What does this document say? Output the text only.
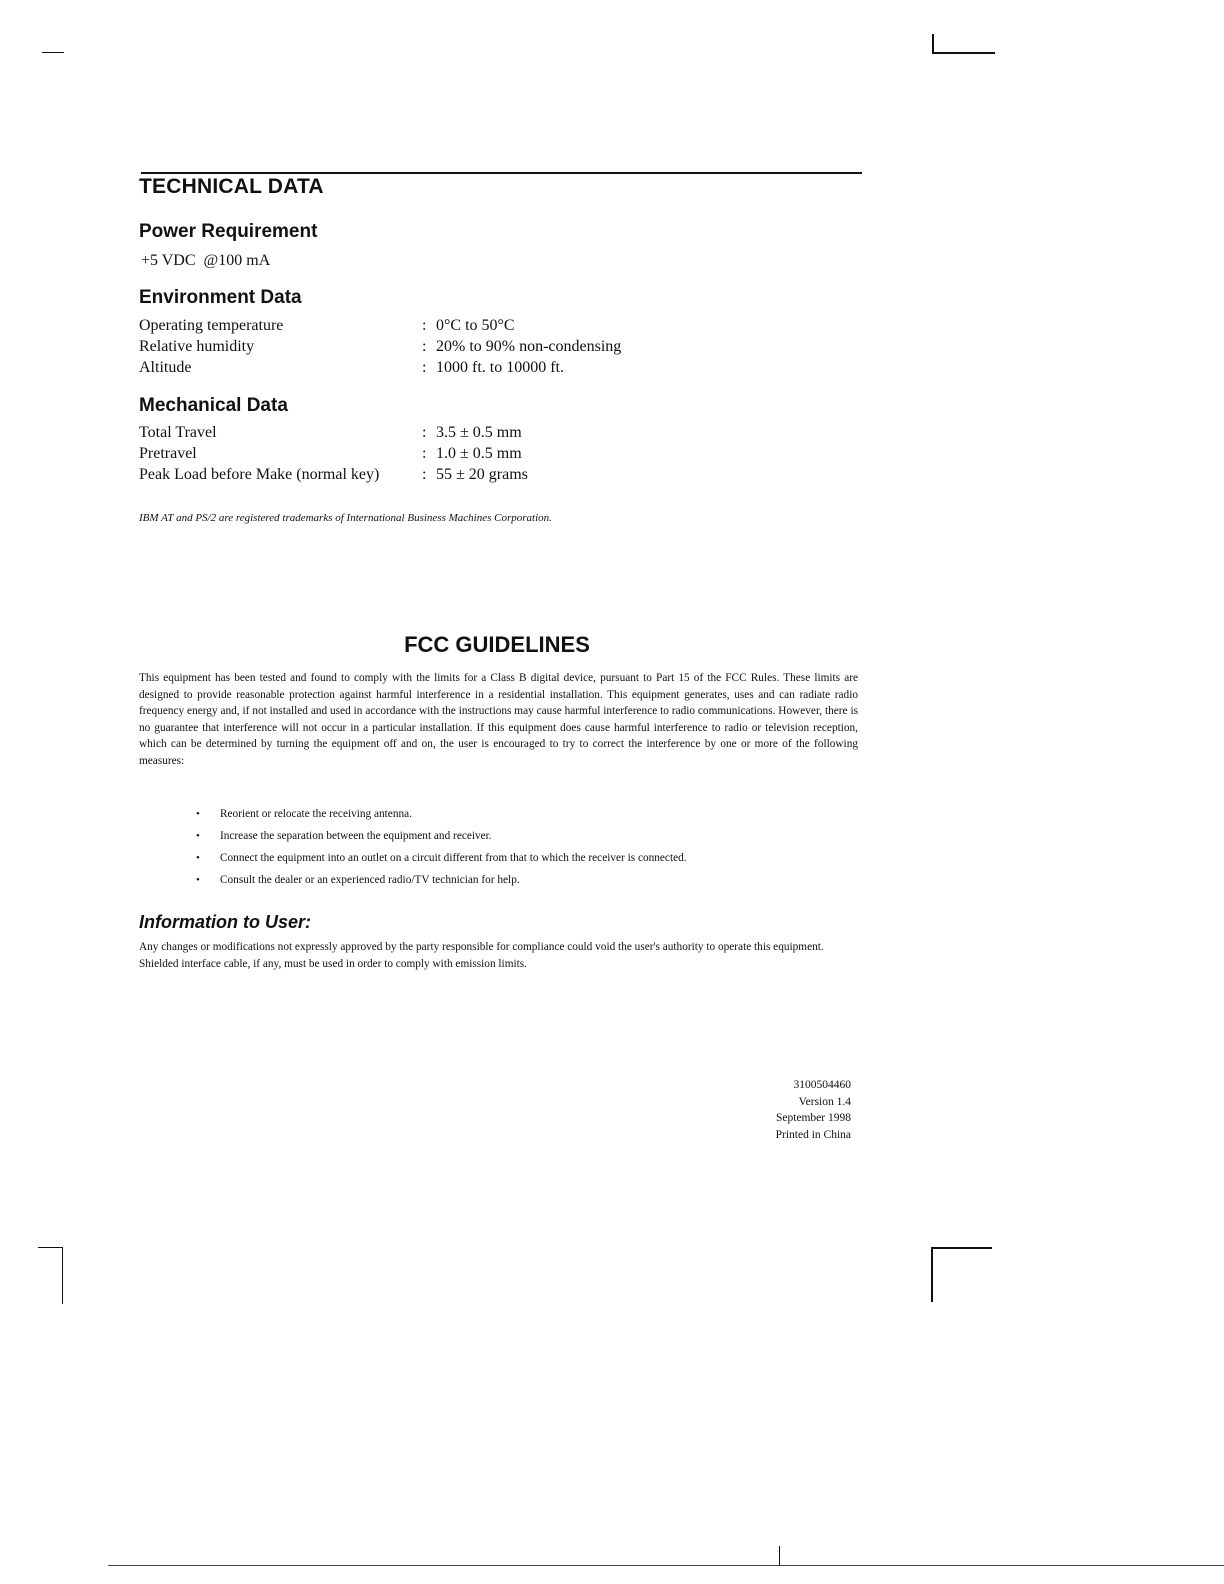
TECHNICAL DATA
Power Requirement
+5 VDC  @100 mA
Environment Data
Operating temperature	: 0°C to 50°C
Relative humidity	: 20% to 90% non-condensing
Altitude	: 1000 ft. to 10000 ft.
Mechanical Data
Total Travel	: 3.5 ± 0.5 mm
Pretravel	: 1.0 ± 0.5 mm
Peak Load before Make (normal key)	: 55 ± 20 grams
IBM AT and PS/2 are registered trademarks of International Business Machines Corporation.
FCC GUIDELINES
This equipment has been tested and found to comply with the limits for a Class B digital device, pursuant to Part 15 of the FCC Rules. These limits are designed to provide reasonable protection against harmful interference in a residential installation. This equipment generates, uses and can radiate radio frequency energy and, if not installed and used in accordance with the instructions may cause harmful interference to radio communications. However, there is no guarantee that interference will not occur in a particular installation. If this equipment does cause harmful interference to radio or television reception, which can be determined by turning the equipment off and on, the user is encouraged to try to correct the interference by one or more of the following measures:
• Reorient or relocate the receiving antenna.
• Increase the separation between the equipment and receiver.
• Connect the equipment into an outlet on a circuit different from that to which the receiver is connected.
• Consult the dealer or an experienced radio/TV technician for help.
Information to User:
Any changes or modifications not expressly approved by the party responsible for compliance could void the user's authority to operate this equipment. Shielded interface cable, if any, must be used in order to comply with emission limits.
3100504460
Version 1.4
September 1998
Printed in China
